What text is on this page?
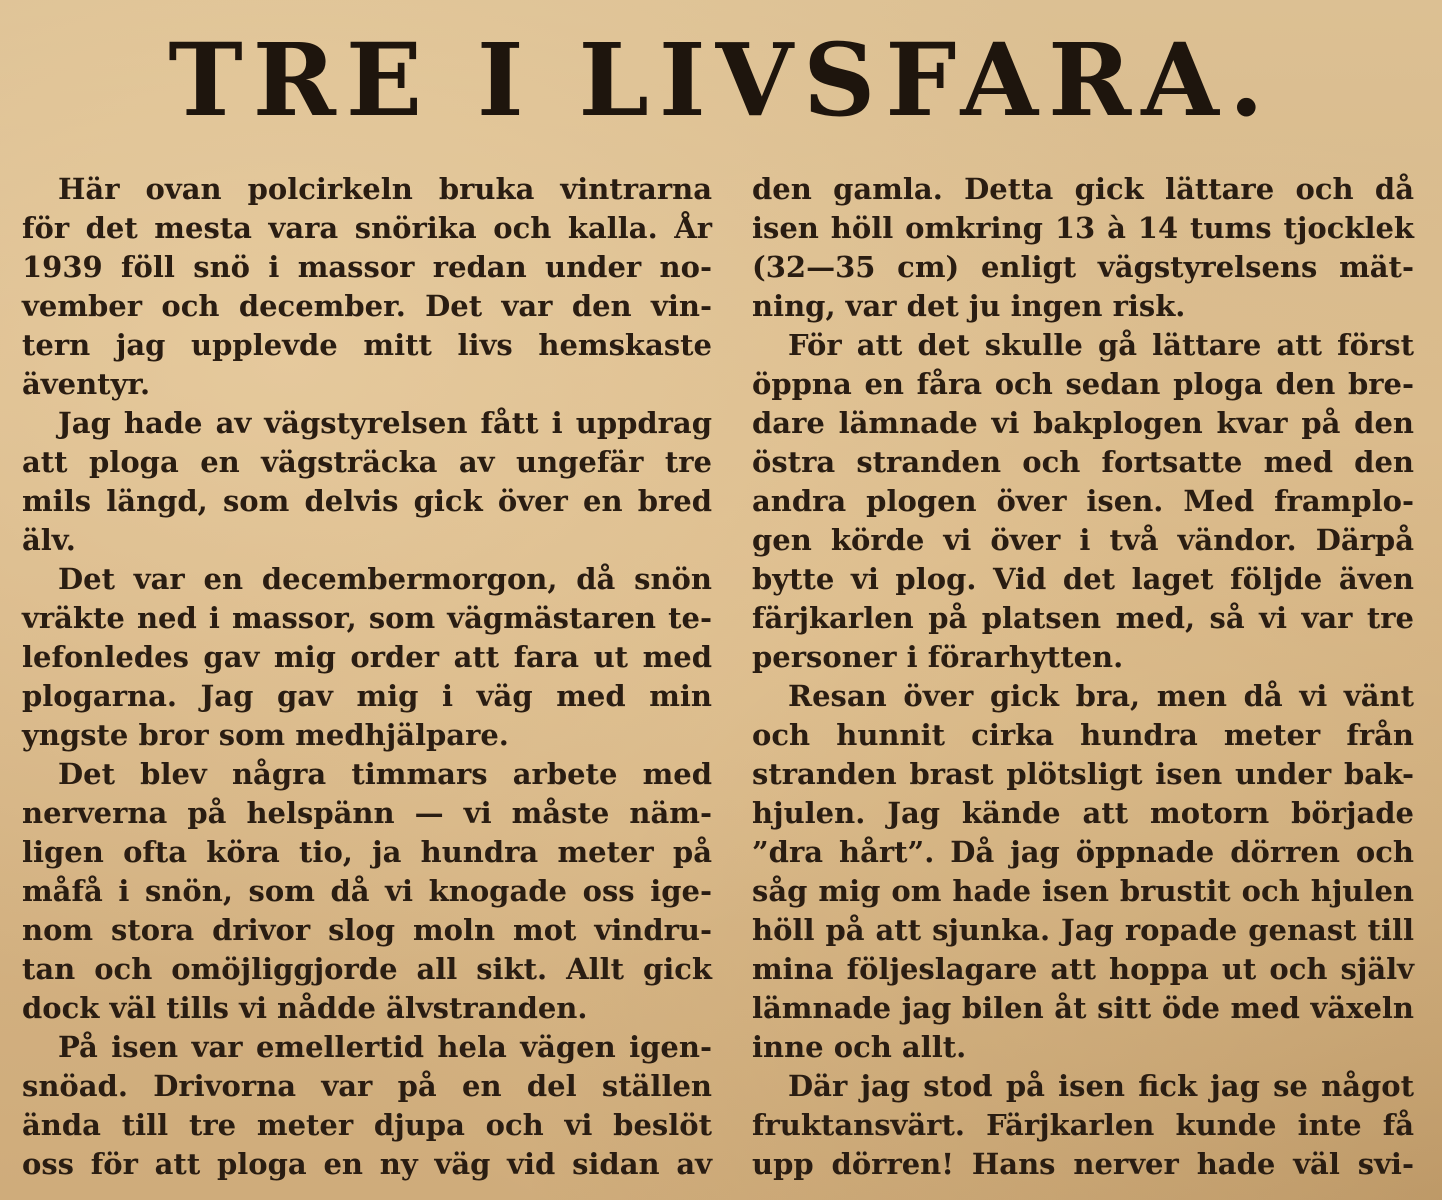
TRE I LIVSFARA.
Här ovan polcirkeln bruka vintrarna
för det mesta vara snörika och kalla. År
1939 föll snö i massor redan under no-
vember och december. Det var den vin-
tern jag upplevde mitt livs hemskaste
äventyr.
Jag hade av vägstyrelsen fått i uppdrag
att ploga en vägsträcka av ungefär tre
mils längd, som delvis gick över en bred
älv.
Det var en decembermorgon, då snön
vräkte ned i massor, som vägmästaren te-
lefonledes gav mig order att fara ut med
plogarna. Jag gav mig i väg med min
yngste bror som medhjälpare.
Det blev några timmars arbete med
nerverna på helspänn — vi måste näm-
ligen ofta köra tio, ja hundra meter på
måfå i snön, som då vi knogade oss ige-
nom stora drivor slog moln mot vindru-
tan och omöjliggjorde all sikt. Allt gick
dock väl tills vi nådde älvstranden.
På isen var emellertid hela vägen igen-
snöad. Drivorna var på en del ställen
ända till tre meter djupa och vi beslöt
oss för att ploga en ny väg vid sidan av
den gamla. Detta gick lättare och då
isen höll omkring 13 à 14 tums tjocklek
(32—35 cm) enligt vägstyrelsens mät-
ning, var det ju ingen risk.
För att det skulle gå lättare att först
öppna en fåra och sedan ploga den bre-
dare lämnade vi bakplogen kvar på den
östra stranden och fortsatte med den
andra plogen över isen. Med framplo-
gen körde vi över i två vändor. Därpå
bytte vi plog. Vid det laget följde även
färjkarlen på platsen med, så vi var tre
personer i förarhytten.
Resan över gick bra, men då vi vänt
och hunnit cirka hundra meter från
stranden brast plötsligt isen under bak-
hjulen. Jag kände att motorn började
”dra hårt”. Då jag öppnade dörren och
såg mig om hade isen brustit och hjulen
höll på att sjunka. Jag ropade genast till
mina följeslagare att hoppa ut och själv
lämnade jag bilen åt sitt öde med växeln
inne och allt.
Där jag stod på isen fick jag se något
fruktansvärt. Färjkarlen kunde inte få
upp dörren! Hans nerver hade väl svi-
